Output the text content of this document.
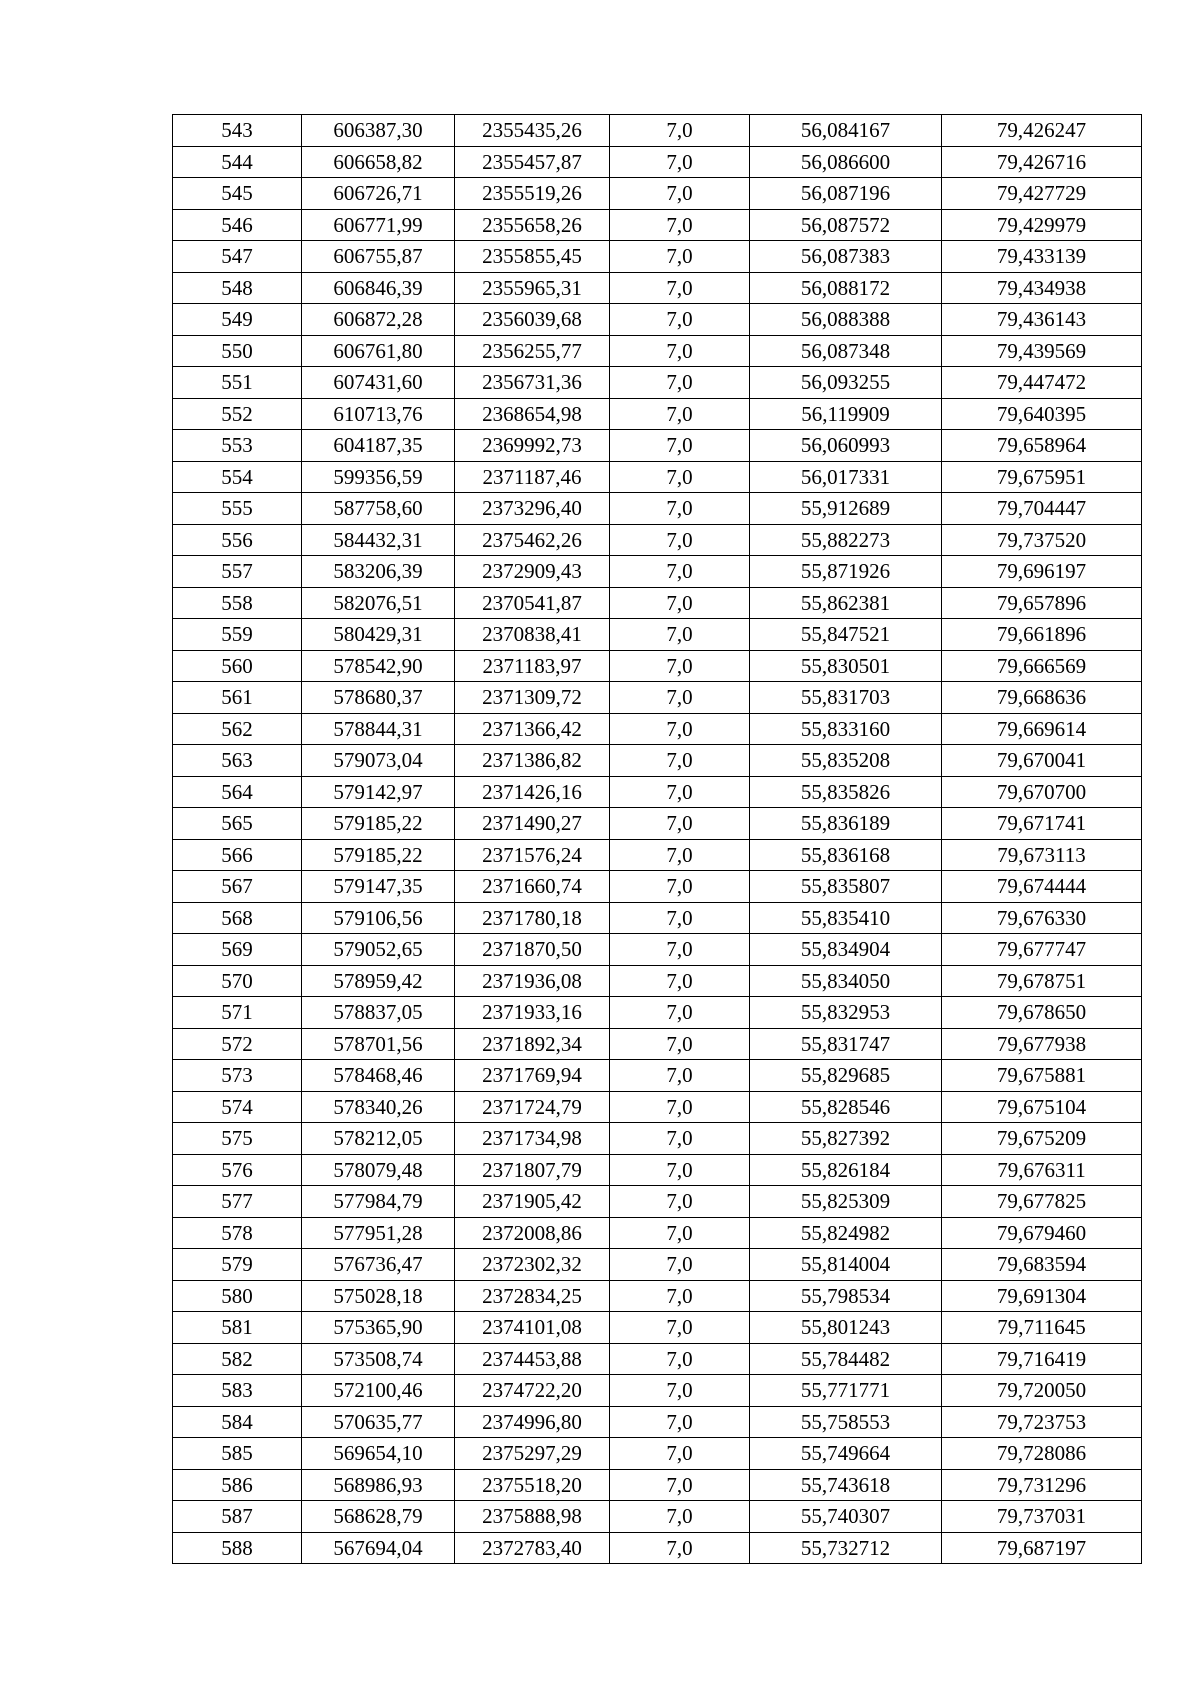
543	606387,30	2355435,26	7,0	56,084167	79,426247
544	606658,82	2355457,87	7,0	56,086600	79,426716
545	606726,71	2355519,26	7,0	56,087196	79,427729
546	606771,99	2355658,26	7,0	56,087572	79,429979
547	606755,87	2355855,45	7,0	56,087383	79,433139
548	606846,39	2355965,31	7,0	56,088172	79,434938
549	606872,28	2356039,68	7,0	56,088388	79,436143
550	606761,80	2356255,77	7,0	56,087348	79,439569
551	607431,60	2356731,36	7,0	56,093255	79,447472
552	610713,76	2368654,98	7,0	56,119909	79,640395
553	604187,35	2369992,73	7,0	56,060993	79,658964
554	599356,59	2371187,46	7,0	56,017331	79,675951
555	587758,60	2373296,40	7,0	55,912689	79,704447
556	584432,31	2375462,26	7,0	55,882273	79,737520
557	583206,39	2372909,43	7,0	55,871926	79,696197
558	582076,51	2370541,87	7,0	55,862381	79,657896
559	580429,31	2370838,41	7,0	55,847521	79,661896
560	578542,90	2371183,97	7,0	55,830501	79,666569
561	578680,37	2371309,72	7,0	55,831703	79,668636
562	578844,31	2371366,42	7,0	55,833160	79,669614
563	579073,04	2371386,82	7,0	55,835208	79,670041
564	579142,97	2371426,16	7,0	55,835826	79,670700
565	579185,22	2371490,27	7,0	55,836189	79,671741
566	579185,22	2371576,24	7,0	55,836168	79,673113
567	579147,35	2371660,74	7,0	55,835807	79,674444
568	579106,56	2371780,18	7,0	55,835410	79,676330
569	579052,65	2371870,50	7,0	55,834904	79,677747
570	578959,42	2371936,08	7,0	55,834050	79,678751
571	578837,05	2371933,16	7,0	55,832953	79,678650
572	578701,56	2371892,34	7,0	55,831747	79,677938
573	578468,46	2371769,94	7,0	55,829685	79,675881
574	578340,26	2371724,79	7,0	55,828546	79,675104
575	578212,05	2371734,98	7,0	55,827392	79,675209
576	578079,48	2371807,79	7,0	55,826184	79,676311
577	577984,79	2371905,42	7,0	55,825309	79,677825
578	577951,28	2372008,86	7,0	55,824982	79,679460
579	576736,47	2372302,32	7,0	55,814004	79,683594
580	575028,18	2372834,25	7,0	55,798534	79,691304
581	575365,90	2374101,08	7,0	55,801243	79,711645
582	573508,74	2374453,88	7,0	55,784482	79,716419
583	572100,46	2374722,20	7,0	55,771771	79,720050
584	570635,77	2374996,80	7,0	55,758553	79,723753
585	569654,10	2375297,29	7,0	55,749664	79,728086
586	568986,93	2375518,20	7,0	55,743618	79,731296
587	568628,79	2375888,98	7,0	55,740307	79,737031
588	567694,04	2372783,40	7,0	55,732712	79,687197
